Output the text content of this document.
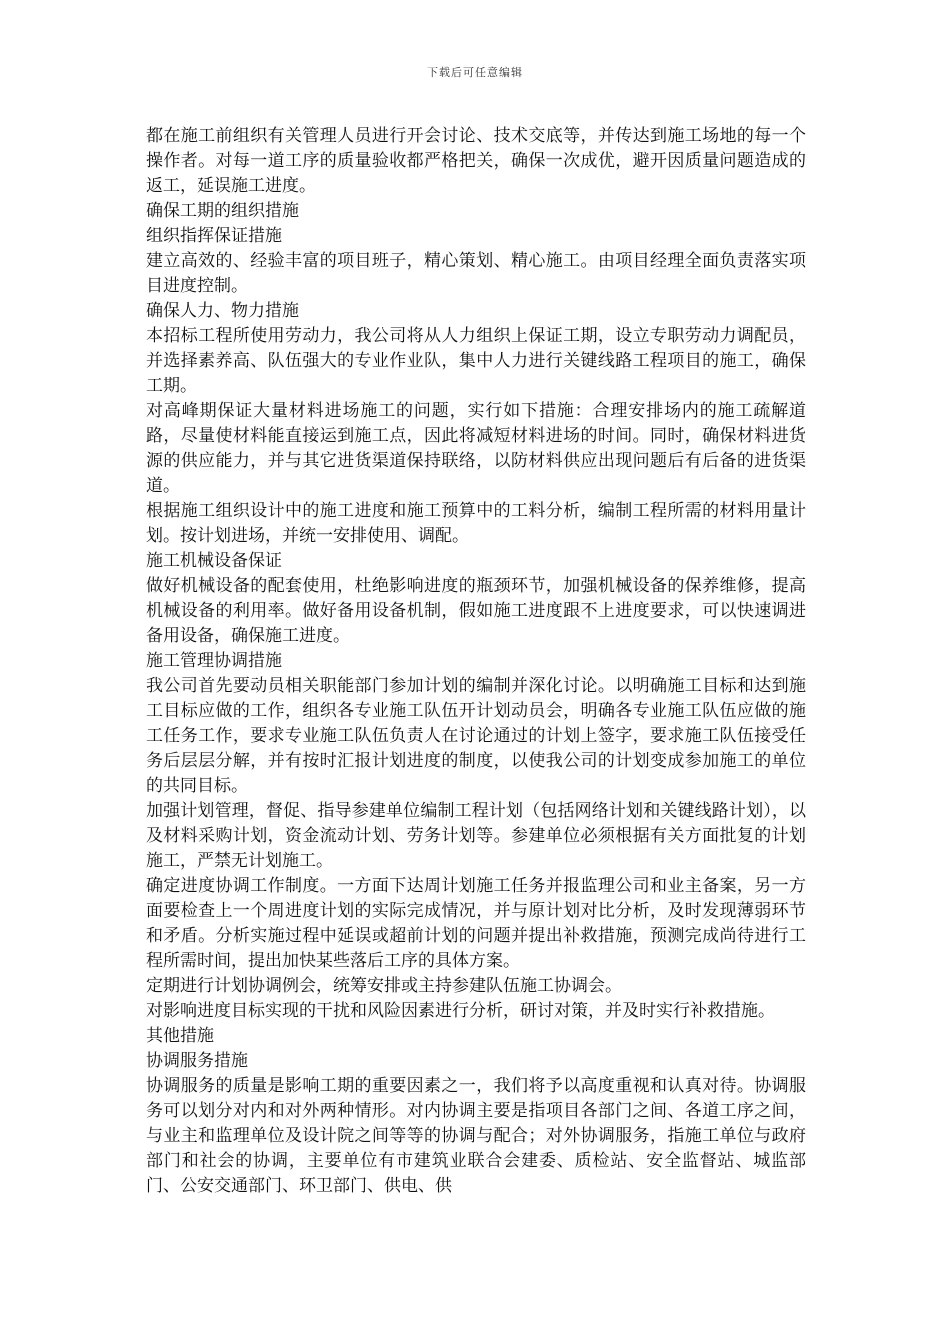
下载后可任意编辑

都在施工前组织有关管理人员进行开会讨论、技术交底等，并传达到施工场地的每一个操作者。对每一道工序的质量验收都严格把关，确保一次成优，避开因质量问题造成的返工，延误施工进度。

确保工期的组织措施

组织指挥保证措施

建立高效的、经验丰富的项目班子，精心策划、精心施工。由项目经理全面负责落实项目进度控制。

确保人力、物力措施

本招标工程所使用劳动力，我公司将从人力组织上保证工期，设立专职劳动力调配员，并选择素养高、队伍强大的专业作业队，集中人力进行关键线路工程项目的施工，确保工期。

对高峰期保证大量材料进场施工的问题，实行如下措施：合理安排场内的施工疏解道路，尽量使材料能直接运到施工点，因此将减短材料进场的时间。同时，确保材料进货源的供应能力，并与其它进货渠道保持联络，以防材料供应出现问题后有后备的进货渠道。

根据施工组织设计中的施工进度和施工预算中的工料分析，编制工程所需的材料用量计划。按计划进场，并统一安排使用、调配。

施工机械设备保证

做好机械设备的配套使用，杜绝影响进度的瓶颈环节，加强机械设备的保养维修，提高机械设备的利用率。做好备用设备机制，假如施工进度跟不上进度要求，可以快速调进备用设备，确保施工进度。

施工管理协调措施

我公司首先要动员相关职能部门参加计划的编制并深化讨论。以明确施工目标和达到施工目标应做的工作，组织各专业施工队伍开计划动员会，明确各专业施工队伍应做的施工任务工作，要求专业施工队伍负责人在讨论通过的计划上签字，要求施工队伍接受任务后层层分解，并有按时汇报计划进度的制度，以使我公司的计划变成参加施工的单位的共同目标。

加强计划管理，督促、指导参建单位编制工程计划（包括网络计划和关键线路计划），以及材料采购计划，资金流动计划、劳务计划等。参建单位必须根据有关方面批复的计划施工，严禁无计划施工。

确定进度协调工作制度。一方面下达周计划施工任务并报监理公司和业主备案，另一方面要检查上一个周进度计划的实际完成情况，并与原计划对比分析，及时发现薄弱环节和矛盾。分析实施过程中延误或超前计划的问题并提出补救措施，预测完成尚待进行工程所需时间，提出加快某些落后工序的具体方案。

定期进行计划协调例会，统筹安排或主持参建队伍施工协调会。

对影响进度目标实现的干扰和风险因素进行分析，研讨对策，并及时实行补救措施。

其他措施

协调服务措施

协调服务的质量是影响工期的重要因素之一，我们将予以高度重视和认真对待。协调服务可以划分对内和对外两种情形。对内协调主要是指项目各部门之间、各道工序之间，与业主和监理单位及设计院之间等等的协调与配合；对外协调服务，指施工单位与政府部门和社会的协调，主要单位有市建筑业联合会建委、质检站、安全监督站、城监部门、公安交通部门、环卫部门、供电、供
